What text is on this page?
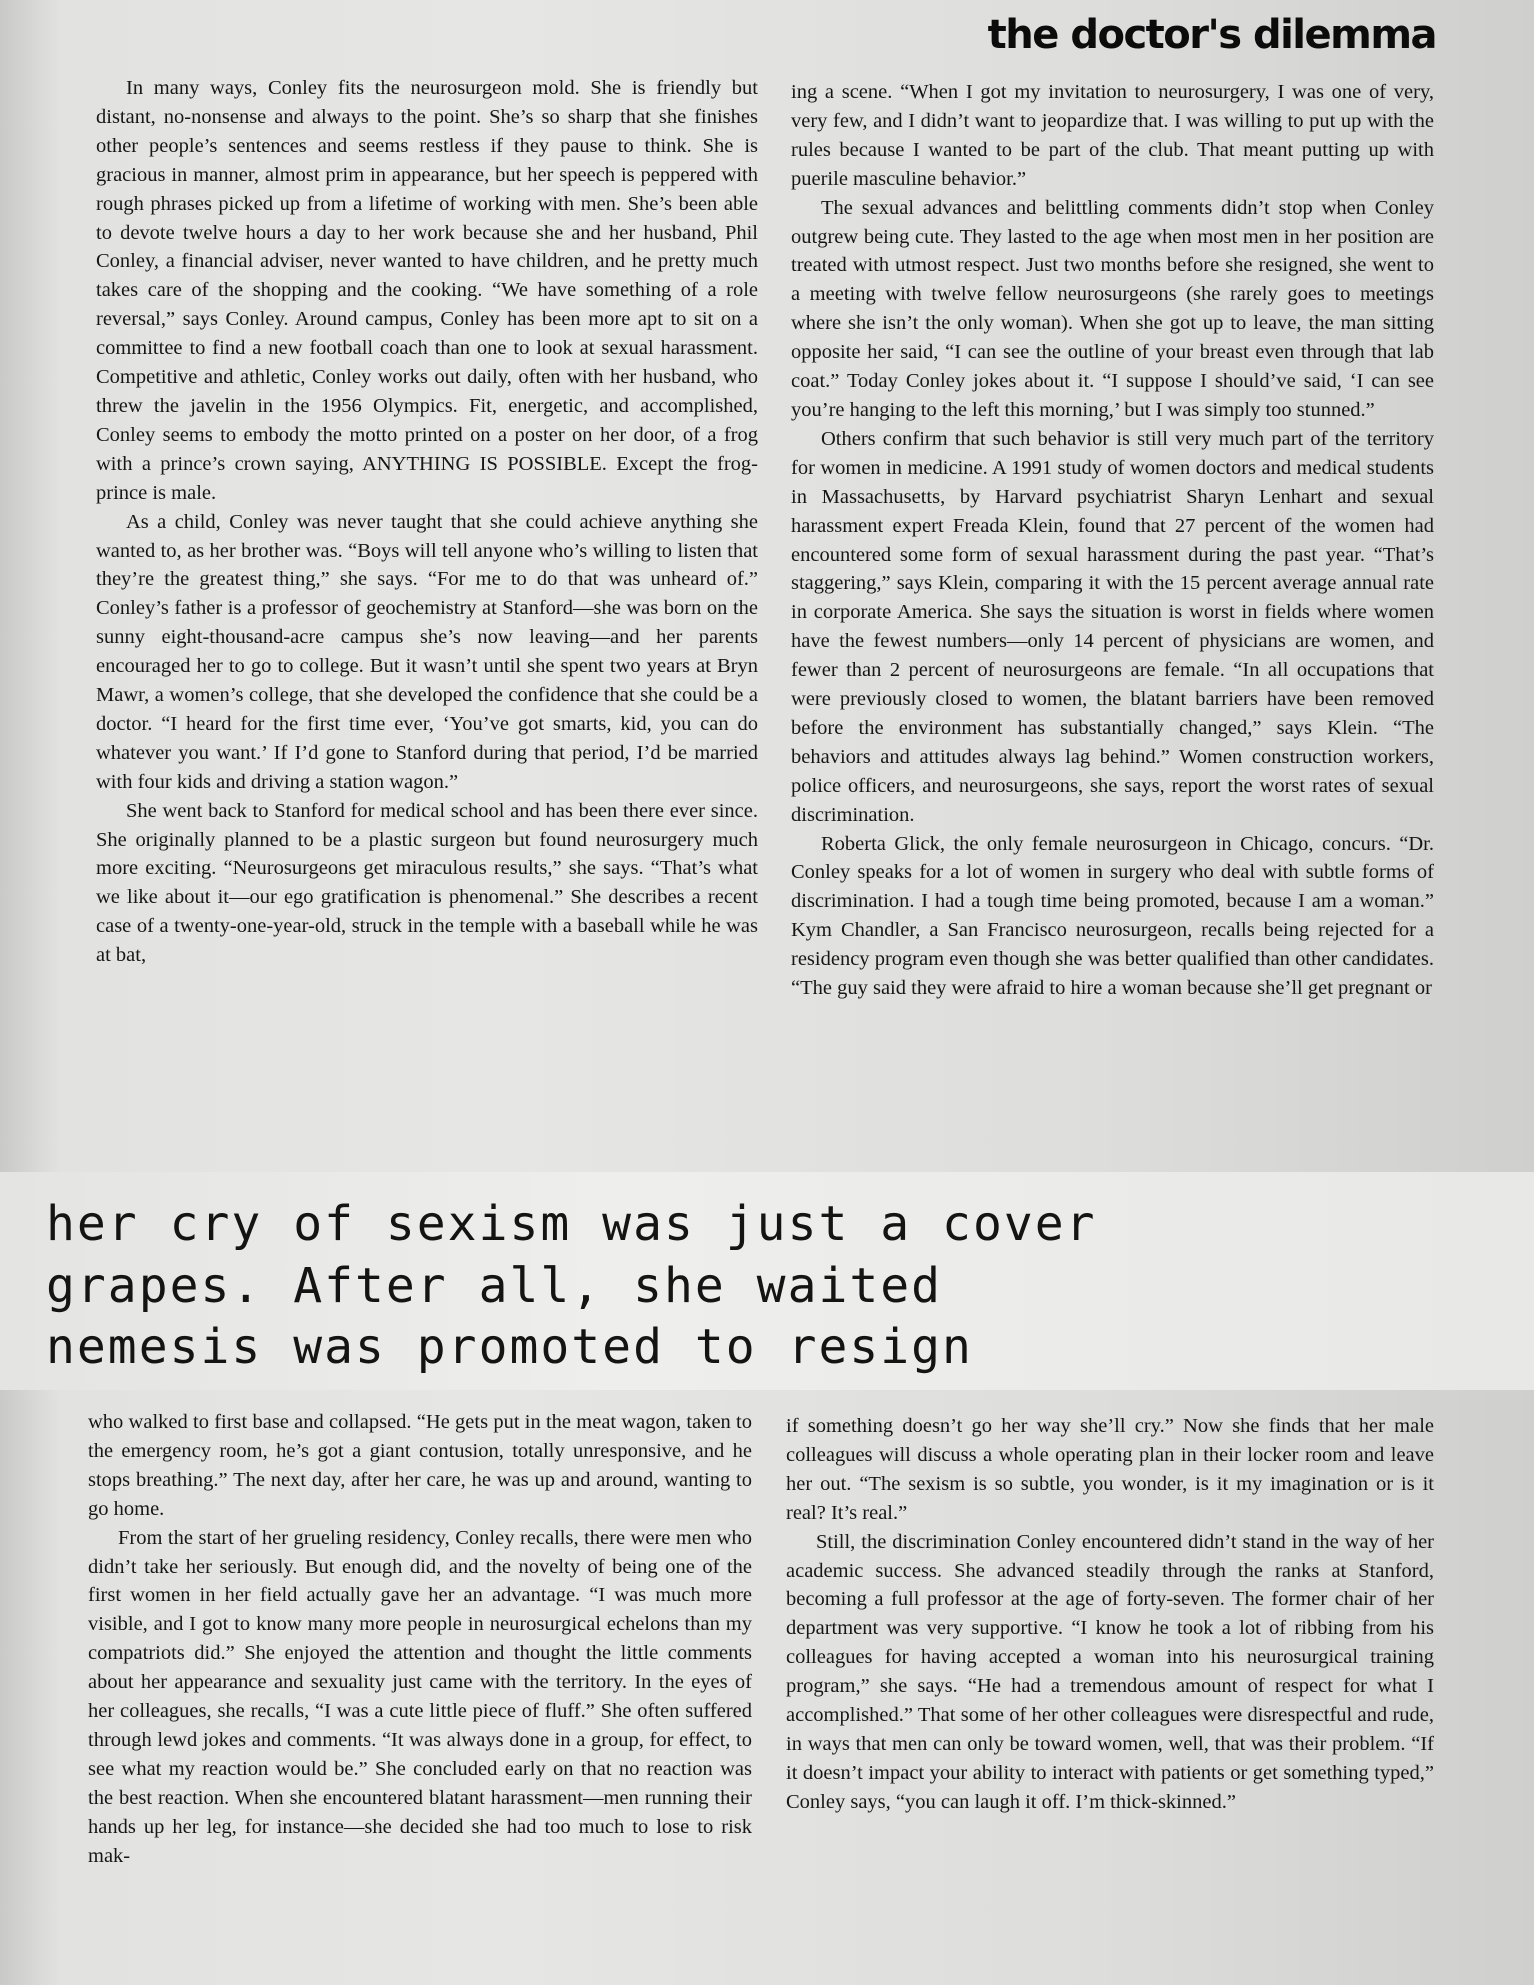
the doctor's dilemma

In many ways, Conley fits the neurosurgeon mold. She is friendly but distant, no-nonsense and always to the point. She’s so sharp that she finishes other people’s sentences and seems restless if they pause to think. She is gracious in manner, almost prim in appearance, but her speech is peppered with rough phrases picked up from a lifetime of working with men. She’s been able to devote twelve hours a day to her work because she and her husband, Phil Conley, a financial adviser, never wanted to have children, and he pretty much takes care of the shopping and the cooking. “We have something of a role reversal,” says Conley. Around campus, Conley has been more apt to sit on a committee to find a new football coach than one to look at sexual harassment. Competitive and athletic, Conley works out daily, often with her husband, who threw the javelin in the 1956 Olympics. Fit, energetic, and accomplished, Conley seems to embody the motto printed on a poster on her door, of a frog with a prince’s crown saying, ANYTHING IS POSSIBLE. Except the frog-prince is male.

As a child, Conley was never taught that she could achieve anything she wanted to, as her brother was. “Boys will tell anyone who’s willing to listen that they’re the greatest thing,” she says. “For me to do that was unheard of.” Conley’s father is a professor of geochemistry at Stanford—she was born on the sunny eight-thousand-acre campus she’s now leaving—and her parents encouraged her to go to college. But it wasn’t until she spent two years at Bryn Mawr, a women’s college, that she developed the confidence that she could be a doctor. “I heard for the first time ever, ‘You’ve got smarts, kid, you can do whatever you want.’ If I’d gone to Stanford during that period, I’d be married with four kids and driving a station wagon.”

She went back to Stanford for medical school and has been there ever since. She originally planned to be a plastic surgeon but found neurosurgery much more exciting. “Neurosurgeons get miraculous results,” she says. “That’s what we like about it—our ego gratification is phenomenal.” She describes a recent case of a twenty-one-year-old, struck in the temple with a baseball while he was at bat,

ing a scene. “When I got my invitation to neurosurgery, I was one of very, very few, and I didn’t want to jeopardize that. I was willing to put up with the rules because I wanted to be part of the club. That meant putting up with puerile masculine behavior.”

The sexual advances and belittling comments didn’t stop when Conley outgrew being cute. They lasted to the age when most men in her position are treated with utmost respect. Just two months before she resigned, she went to a meeting with twelve fellow neurosurgeons (she rarely goes to meetings where she isn’t the only woman). When she got up to leave, the man sitting opposite her said, “I can see the outline of your breast even through that lab coat.” Today Conley jokes about it. “I suppose I should’ve said, ‘I can see you’re hanging to the left this morning,’ but I was simply too stunned.”

Others confirm that such behavior is still very much part of the territory for women in medicine. A 1991 study of women doctors and medical students in Massachusetts, by Harvard psychiatrist Sharyn Lenhart and sexual harassment expert Freada Klein, found that 27 percent of the women had encountered some form of sexual harassment during the past year. “That’s staggering,” says Klein, comparing it with the 15 percent average annual rate in corporate America. She says the situation is worst in fields where women have the fewest numbers—only 14 percent of physicians are women, and fewer than 2 percent of neurosurgeons are female. “In all occupations that were previously closed to women, the blatant barriers have been removed before the environment has substantially changed,” says Klein. “The behaviors and attitudes always lag behind.” Women construction workers, police officers, and neurosurgeons, she says, report the worst rates of sexual discrimination.

Roberta Glick, the only female neurosurgeon in Chicago, concurs. “Dr. Conley speaks for a lot of women in surgery who deal with subtle forms of discrimination. I had a tough time being promoted, because I am a woman.” Kym Chandler, a San Francisco neurosurgeon, recalls being rejected for a residency program even though she was better qualified than other candidates. “The guy said they were afraid to hire a woman because she’ll get pregnant or

her cry of sexism was just a cover
grapes. After all, she waited
nemesis was promoted to resign

who walked to first base and collapsed. “He gets put in the meat wagon, taken to the emergency room, he’s got a giant contusion, totally unresponsive, and he stops breathing.” The next day, after her care, he was up and around, wanting to go home.

From the start of her grueling residency, Conley recalls, there were men who didn’t take her seriously. But enough did, and the novelty of being one of the first women in her field actually gave her an advantage. “I was much more visible, and I got to know many more people in neurosurgical echelons than my compatriots did.” She enjoyed the attention and thought the little comments about her appearance and sexuality just came with the territory. In the eyes of her colleagues, she recalls, “I was a cute little piece of fluff.” She often suffered through lewd jokes and comments. “It was always done in a group, for effect, to see what my reaction would be.” She concluded early on that no reaction was the best reaction. When she encountered blatant harassment—men running their hands up her leg, for instance—she decided she had too much to lose to risk mak-

if something doesn’t go her way she’ll cry.” Now she finds that her male colleagues will discuss a whole operating plan in their locker room and leave her out. “The sexism is so subtle, you wonder, is it my imagination or is it real? It’s real.”

Still, the discrimination Conley encountered didn’t stand in the way of her academic success. She advanced steadily through the ranks at Stanford, becoming a full professor at the age of forty-seven. The former chair of her department was very supportive. “I know he took a lot of ribbing from his colleagues for having accepted a woman into his neurosurgical training program,” she says. “He had a tremendous amount of respect for what I accomplished.” That some of her other colleagues were disrespectful and rude, in ways that men can only be toward women, well, that was their problem. “If it doesn’t impact your ability to interact with patients or get something typed,” Conley says, “you can laugh it off. I’m thick-skinned.”
